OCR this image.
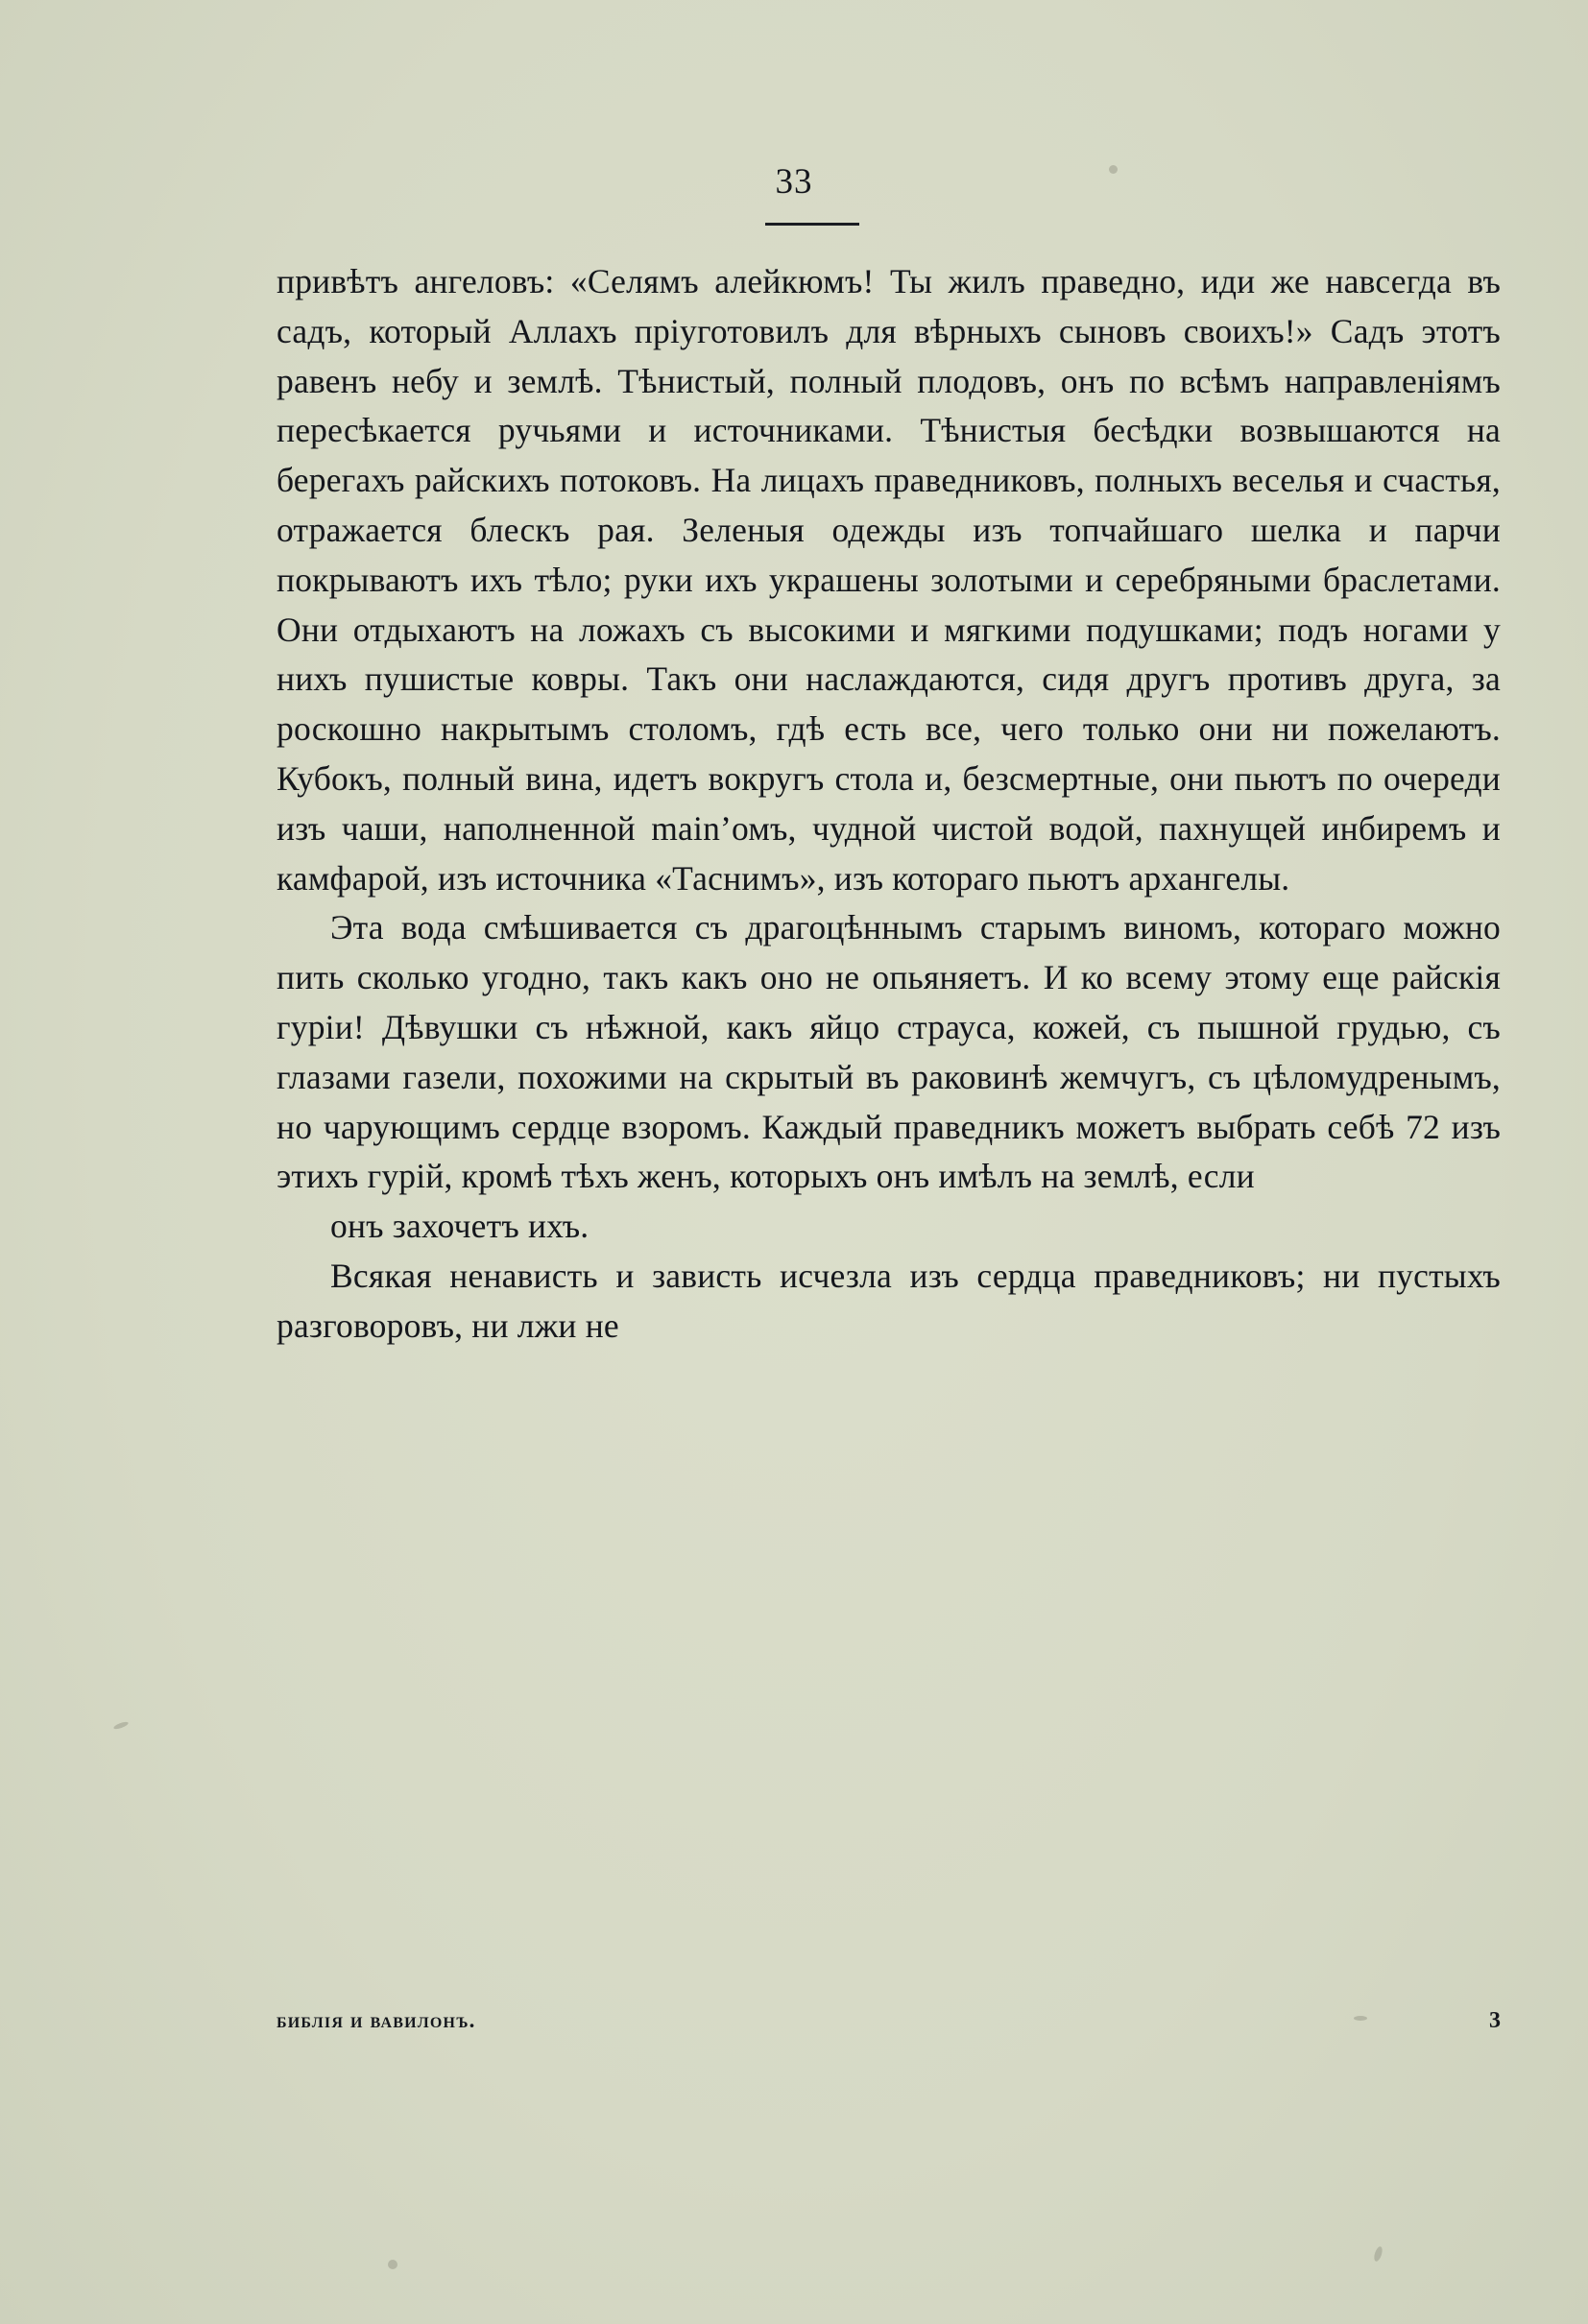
33

привѣтъ ангеловъ: «Селямъ алейкюмъ! Ты жилъ праведно, иди же навсегда въ садъ, который Аллахъ пріуготовилъ для вѣрныхъ сыновъ своихъ!» Садъ этотъ равенъ небу и землѣ. Тѣнистый, полный плодовъ, онъ по всѣмъ направленіямъ пересѣкается ручьями и источниками. Тѣнистыя бесѣдки возвышаются на берегахъ райскихъ потоковъ. На лицахъ праведниковъ, полныхъ веселья и счастья, отражается блескъ рая. Зеленыя одежды изъ топчайшаго шелка и парчи покрываютъ ихъ тѣло; руки ихъ украшены золотыми и серебряными браслетами. Они отдыхаютъ на ложахъ съ высокими и мягкими подушками; подъ ногами у нихъ пушистые ковры. Такъ они наслаждаются, сидя другъ противъ друга, за роскошно накрытымъ столомъ, гдѣ есть все, чего только они ни пожелаютъ. Кубокъ, полный вина, идетъ вокругъ стола и, безсмертные, они пьютъ по очереди изъ чаши, наполненной main’омъ, чудной чистой водой, пахнущей инбиремъ и камфарой, изъ источника «Таснимъ», изъ котораго пьютъ архангелы.

Эта вода смѣшивается съ драгоцѣннымъ старымъ виномъ, котораго можно пить сколько угодно, такъ какъ оно не опьяняетъ. И ко всему этому еще райскія гуріи! Дѣвушки съ нѣжной, какъ яйцо страуса, кожей, съ пышной грудью, съ глазами газели, похожими на скрытый въ раковинѣ жемчугъ, съ цѣломудренымъ, но чарующимъ сердце взоромъ. Каждый праведникъ можетъ выбрать себѣ 72 изъ этихъ гурій, кромѣ тѣхъ женъ, которыхъ онъ имѣлъ на землѣ, если
онъ захочетъ ихъ.

Всякая ненависть и зависть исчезла изъ сердца праведниковъ; ни пустыхъ разговоровъ, ни лжи не

библія и вавилонъ.	3
